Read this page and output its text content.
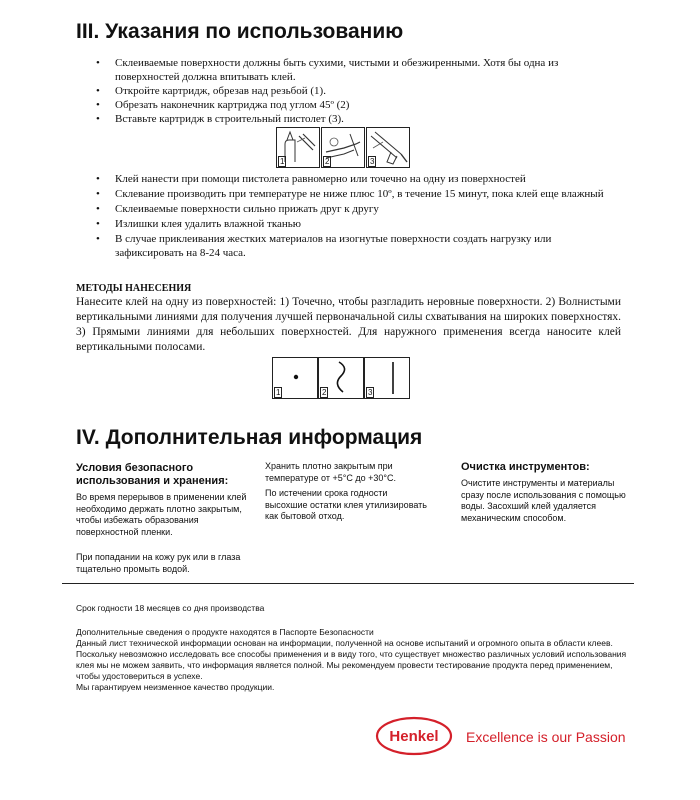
III. Указания по использованию
• Склеиваемые поверхности должны быть сухими, чистыми и обезжиренными. Хотя бы одна из поверхностей должна впитывать клей.
• Откройте картридж, обрезав над резьбой (1).
• Обрезать наконечник картриджа под углом 45º (2)
• Вставьте картридж в строительный пистолет (3).
1	2	3
• Клей нанести при помощи пистолета равномерно или точечно на одну из поверхностей
• Склевание производить при температуре не ниже плюс 10º, в течение 15 минут, пока клей еще влажный
• Склеиваемые поверхности сильно прижать друг к другу
• Излишки клея удалить влажной тканью
• В случае приклеивания жестких материалов на изогнутые поверхности создать нагрузку или зафиксировать на 8-24 часа.
МЕТОДЫ НАНЕСЕНИЯ

Нанесите клей на одну из поверхностей: 1) Точечно, чтобы разгладить неровные поверхности. 2) Волнистыми вертикальными линиями для получения лучшей первоначальной силы схватывания на широких поверхностях. 3) Прямыми линиями для небольших поверхностей. Для наружного применения всегда наносите клей вертикальными полосами.

1	2	3
IV. Дополнительная информация
Условия безопасного использования и хранения:

Во время перерывов в применении клей необходимо держать плотно закрытым, чтобы избежать образования поверхностной пленки.

При попадании на кожу рук или в глаза тщательно промыть водой.

Хранить плотно закрытым при температуре от +5°C до +30°C.

По истечении срока годности высохшие остатки клея утилизировать как бытовой отход.

Очистка инструментов:

Очистите инструменты и материалы сразу после использования с помощью воды. Засохший клей удаляется механическим способом.

Срок годности 18 месяцев со дня производства

Дополнительные сведения о продукте находятся в Паспорте Безопасности
Данный лист технической информации основан на информации, полученной на основе испытаний и огромного опыта в области клеев. Поскольку невозможно исследовать все способы применения и в виду того, что существует множество различных условий использования клея мы не можем заявить, что информация является полной. Мы рекомендуем провести тестирование продукта перед применением, чтобы удостовериться в успехе.
Мы гарантируем неизменное качество продукции.
Henkel Excellence is our Passion
